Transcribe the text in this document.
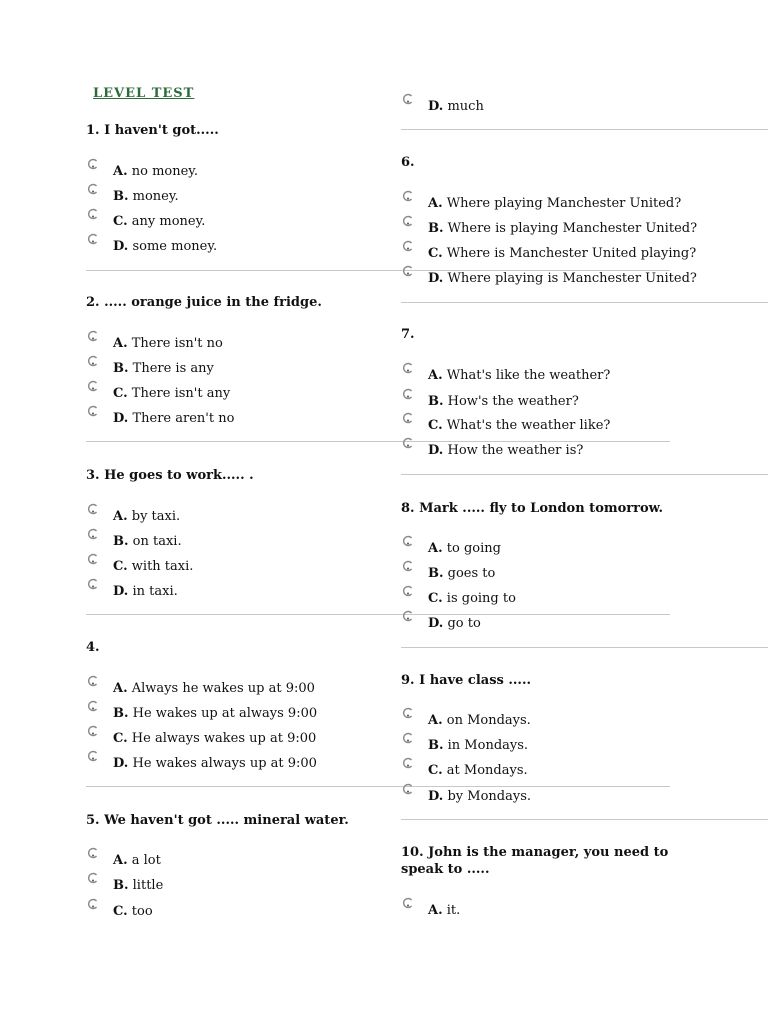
LEVEL TEST
1. I haven't got.....
A. no money.
B. money.
C. any money.
D. some money.
2. ..... orange juice in the fridge.
A. There isn't no
B. There is any
C. There isn't any
D. There aren't no
3. He goes to work..... .
A. by taxi.
B. on taxi.
C. with taxi.
D. in taxi.
4.
A. Always he wakes up at 9:00
B. He wakes up at always 9:00
C. He always wakes up at 9:00
D. He wakes always up at 9:00
5. We haven't got ..... mineral water.
A. a lot
B. little
C. too
D. much
6.
A. Where playing Manchester United?
B. Where is playing Manchester United?
C. Where is Manchester United playing?
D. Where playing is Manchester United?
7.
A. What's like the weather?
B. How's the weather?
C. What's the weather like?
D. How the weather is?
8. Mark ..... fly to London tomorrow.
A. to going
B. goes to
C. is going to
D. go to
9. I have class .....
A. on Mondays.
B. in Mondays.
C. at Mondays.
D. by Mondays.
10. John is the manager, you need to speak to .....
A. it.
